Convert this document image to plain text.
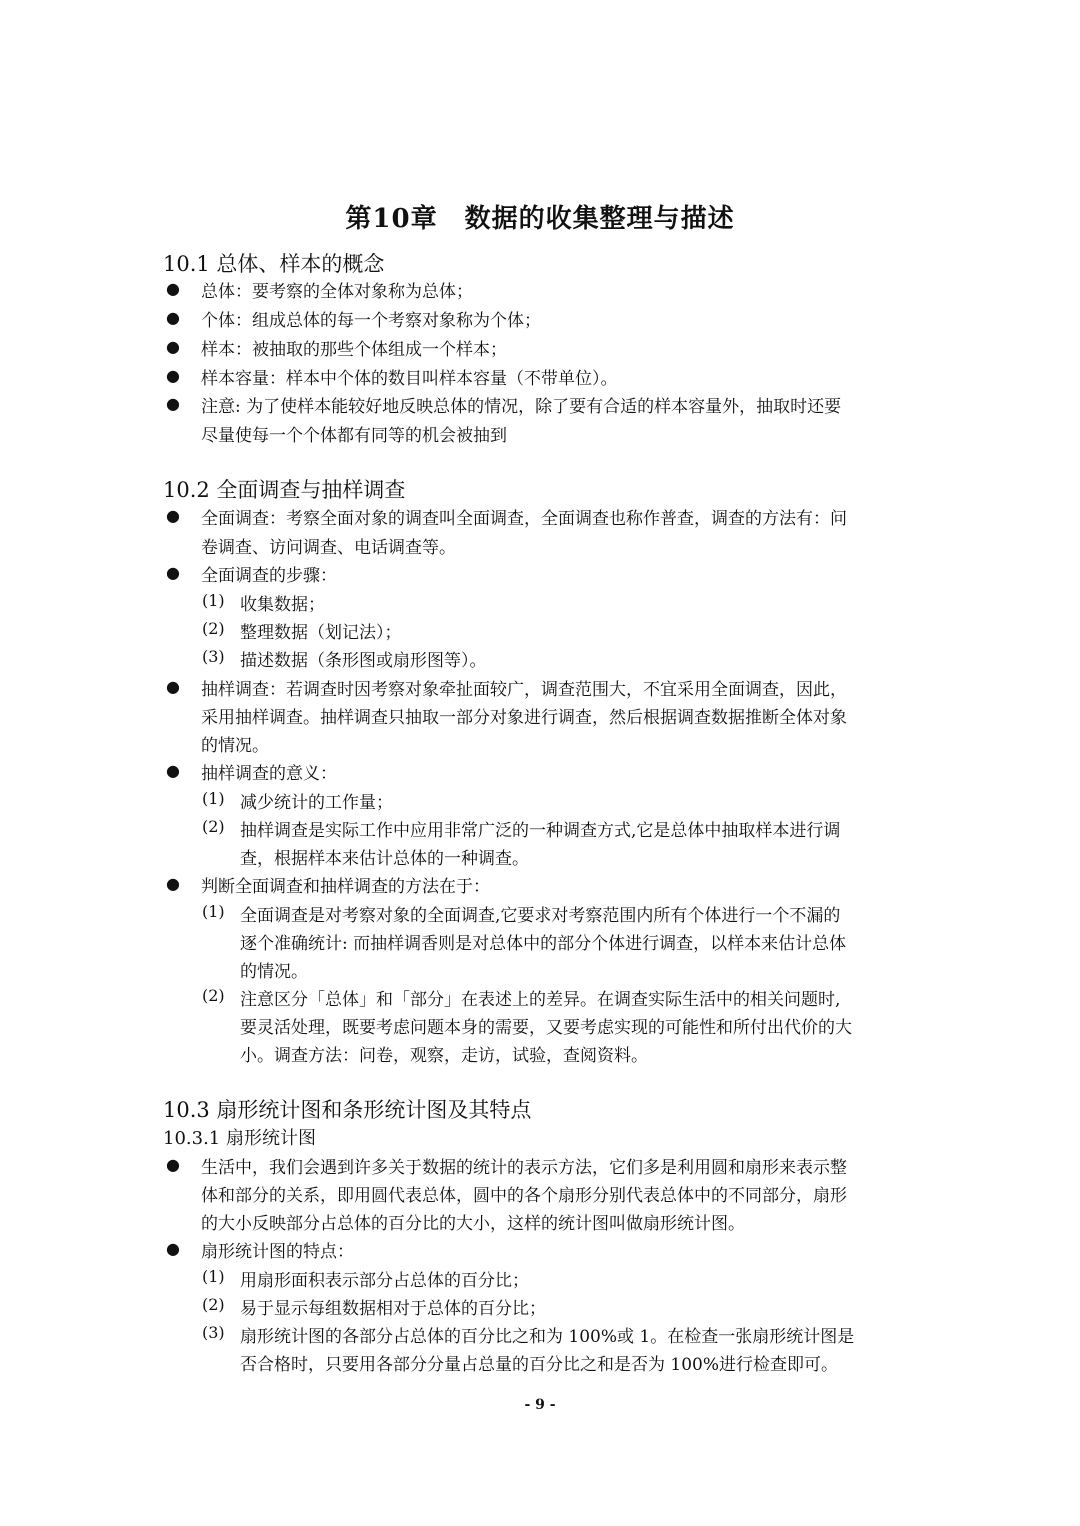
第10章　数据的收集整理与描述
10.1 总体、样本的概念
● 总体：要考察的全体对象称为总体；
● 个体：组成总体的每一个考察对象称为个体；
● 样本：被抽取的那些个体组成一个样本；
● 样本容量：样本中个体的数目叫样本容量（不带单位）。
● 注意: 为了使样本能较好地反映总体的情况，除了要有合适的样本容量外，抽取时还要
尽量使每一个个体都有同等的机会被抽到
10.2 全面调查与抽样调查
● 全面调查：考察全面对象的调查叫全面调查，全面调查也称作普查，调查的方法有：问
卷调查、访问调查、电话调查等。
● 全面调查的步骤：
(1) 收集数据；
(2) 整理数据（划记法）；
(3) 描述数据（条形图或扇形图等）。
● 抽样调查：若调查时因考察对象牵扯面较广，调查范围大，不宜采用全面调查，因此，
采用抽样调查。抽样调查只抽取一部分对象进行调查，然后根据调查数据推断全体对象
的情况。
● 抽样调查的意义：
(1) 减少统计的工作量；
(2) 抽样调查是实际工作中应用非常广泛的一种调查方式,它是总体中抽取样本进行调
查，根据样本来估计总体的一种调查。
● 判断全面调查和抽样调查的方法在于：
(1) 全面调查是对考察对象的全面调查,它要求对考察范围内所有个体进行一个不漏的
逐个准确统计: 而抽样调香则是对总体中的部分个体进行调查，以样本来估计总体
的情况。
(2) 注意区分「总体」和「部分」在表述上的差异。在调查实际生活中的相关问题时,
要灵活处理，既要考虑问题本身的需要，又要考虑实现的可能性和所付出代价的大
小。调查方法：问卷，观察，走访，试验，查阅资料。
10.3 扇形统计图和条形统计图及其特点
10.3.1 扇形统计图
● 生活中，我们会遇到许多关于数据的统计的表示方法，它们多是利用圆和扇形来表示整
体和部分的关系，即用圆代表总体，圆中的各个扇形分别代表总体中的不同部分，扇形
的大小反映部分占总体的百分比的大小，这样的统计图叫做扇形统计图。
● 扇形统计图的特点：
(1) 用扇形面积表示部分占总体的百分比；
(2) 易于显示每组数据相对于总体的百分比；
(3) 扇形统计图的各部分占总体的百分比之和为 100%或 1。在检查一张扇形统计图是
否合格时，只要用各部分分量占总量的百分比之和是否为 100%进行检查即可。
- 9 -
